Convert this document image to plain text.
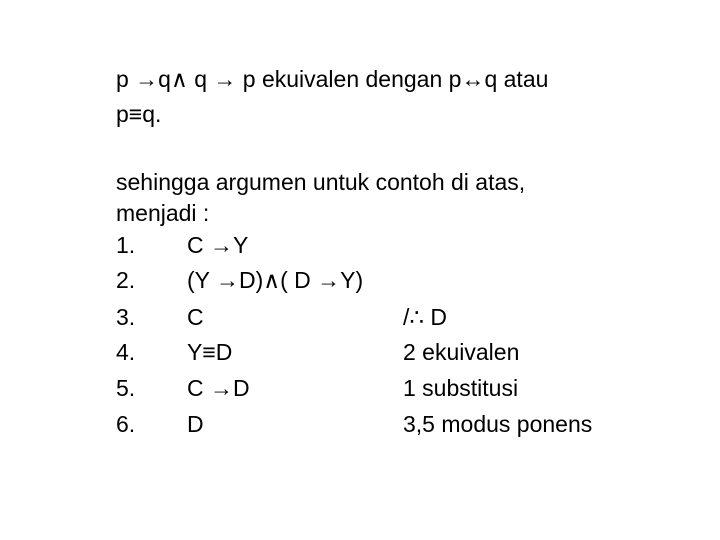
p →q∧ q → p ekuivalen dengan p↔q atau
p≡q.
sehingga argumen untuk contoh di atas,
menjadi :
1. C →Y
2. (Y →D)∧( D →Y)
3. C	/∴ D
4. Y≡D	2 ekuivalen
5. C →D	1 substitusi
6. D	3,5 modus ponens
